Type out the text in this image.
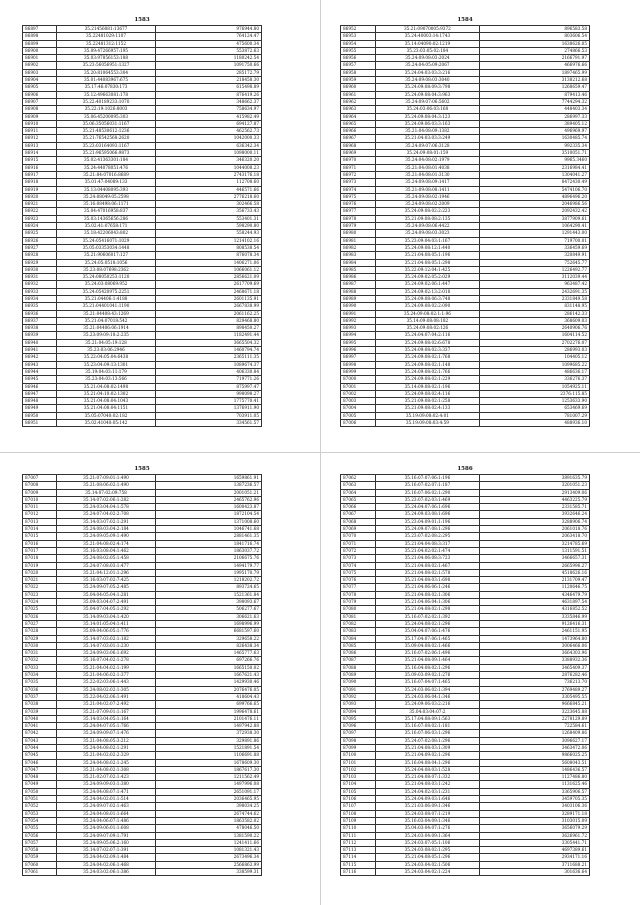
1583
86897	35.21456081:13677	976944.80
86898	35.22481029:1107	764124.47
86899	35.22481312:1152	475600.34
86900	35.09:47266957:195	553872.63
86901	35.03:97856153:188	1180242.54
86902	35.23:56056951:1327	1091750.66
86903	35.20:81064553:304	285172.79
86904	35.01:44083967:675	218458.30
86905	35.17:46:07830:173	615498.89
86906	35.12:49663081:178	876419.26
86907	35.22:40189233:1070	348662.37
86908	35.22:19:1026:8003	758634.97
86909	35.06:45200095:303	415982.49
86910	35.06:35056031:1167	694127.87
86911	35.21:48530612:1236	462562.73
86912	35.21:76542568:2620	1042000.33
86913	35.23:03164093:1167	636342.34
86914	35.21:96595066:9873	1098000.11
86915	35.02:41363301:184	346320.20
86916	35.24:44078051:476	1044008.23
86917	35.21:84:07016:8689	2743176.18
86918	35.01:47:04089:133	112708.60
86919	35.13:04408095:393	446571.66
86920	35.24:08049:05:2598	2776218.60
86921	35.16:08498:06:1171	302466.58
86922	35.04:47016958:837	356733.43
86923	35.03:14365656:286	553401.31
86924	35.02:41:07658:171	598290.80
86925	35.18:42206043:802	558244.93
86926	35.24:05416071:1029	1214102.16
86927	35.05:03353034:1448	808538.54
86928	35.21:90606017:127	876078.34
86929	35.24:05:0518:1056	1406271.06
86930	35.23:08:07698:2362	1066061.12
86931	35.24:08050253:1120	2856621.09
86932	35.24:03:08069:952	2617709.69
86933	35.24:05420975:2251	2468671.18
86934	35.21:04406:1:4188	2601135.91
86935	35.21:04401041:1190	2667838.99
86936	35.21:04408:43:1269	2061162.25
86937	35.21:04:07018:542	829468.80
86938	35.21:04406:06:1914	898450.27
86939	35.23:09:09:18:2:235	1182491.44
86940	35.21:04:05:19:128	3665504.32
86941	35.23:03:06:2946	1460794.74
86942	35.22:04:05:04:6438	2365111.35
86943	35.23:04:09:13:1301	1089674.37
86944	35.19:04:03:11:179	406330.84
86945	35.23:04:03:13:566	719771.26
86946	35.21:04:08:02:1498	875997.47
86947	35.21:04:10:02:1302	998098.27
86948	35.21:04:08:04:1043	1775770.41
86949	35.21:04:08:04:1151	1376911.90
86950	35.05:07040:02:182	703911.05
86951	35.02:41040:05:142	334561.57
1584
86952	35.21:09070005:9372	896583.58
86953	35.24:40003:14:1743	803606.54
86954	35.14:04090:02:1219	1638626.05
86955	35.23:03:05:02:184	274866.53
86956	35.24:09:08:03:2024	2166791.97
86957	35.24:04:05:09:2067	466976.66
86958	35.24:04:03:03:3:216	1897465.99
86959	35.24:09:08:03:3040	3138212.68
86960	35.24:09:08:09:3:798	1268659.47
86961	35.24:09:08:04:3:963	879413.46
86962	35.24:09:07:06:5602	7744294.32
86963	35.24:03:06:03:168	448403.34
86964	35.24:09:08:04:3:123	286997.33
86965	35.24:09:06:03:3:163	389405.12
86966	35.21:04:08:09:1382	496969.97
86967	35.21:04:03:03:3:249	1630485.74
86968	35.24:09:07:06:3128	992335.34
86969	35.24:09:08:01:159	3510051.71
86970	35.24:04:08:02:1979	9965.3460
86971	35.21:04:08:01:4038	2316984.41
86972	35.21:04:08:01:3130	1304041.27
86973	35.24:09:08:09:1417	8472430.49
86974	35.21:09:08:08:1411	5474106.70
86975	35.24:09:08:02:1946	4896496.20
86976	35.24:09:08:02:2009	2046986.56
86977	35.24:09:08:02:2:223	2092432.42
86978	35.21:09:08:08:2:135	3877909.61
86979	35.24:09:08:06:4422	1064290.41
86980	35.24:09:08:03:3023	1291443.00
86981	35.23:09:04:03:1:167	719700.01
86982	35.24:09:08:12:1:440	336459.69
86983	35.21:04:08:05:1:196	320849.91
86984	35.21:04:08:05:1:298	752645.77
86985	35.22:09:12:04:1:425	1226492.77
86986	35.24:09:02:05:2:029	3112039.44
86987	35.24:09:02:06:1:447	963487.42
86988	35.24:09:02:13:2:018	2432691.35
86989	35.24:09:08:06:3:748	2331849.58
86990	35.24:09:08:02:2:090	831148.95
86991	35.24:09:08:02:1:1:96	286142.33
86992	35.14:09:08:08:182	368609.03
86993	35.24:09:08:02:126	2640906.76
86994	35.24:04:07:04:2:116	1604114.52
86995	35.24:09:08:02:6:678	2702276.07
86996	35.24:09:08:02:3:337	286993.03
86997	35.24:09:08:02:1:768	104405.12
86998	35.24:09:08:02:1:148	1099685.22
86999	35.24:09:08:02:1:766	486636.17
87000	35.24:09:08:02:1:229	336276.37
87001	35.14:09:08:02:1:196	1054925.11
87002	35.24:09:08:02:4:116	2376:115.85
87003	35.21:09:08:02:1:258	1253633.90
87004	35.21:09:08:02:4:133	653469.69
87005	35.19:09:08:02:4:01	781007.29
87006	35.19:09:08:03:4:59	488936.10
1585
87007	35.21:07:09:01:1:490	1659861.91
87008	35.21:08:06:02:1:490	1387236.57
87009	35.14:07:02:09:758	2001051.21
87010	35.14:07:02:06:1:282	2465762.96
87011	35.24:03:04:04:1:578	1600423.87
87012	35.24:07:04:02:2:708	1872104.54
87013	35.14:03:07:02:1:291	1371008.60
87014	35.24:08:03:04:2:184	1046741.68
87015	35.24:09:05:09:1:490	2881461.35
87016	35.21:04:08:02:4:174	1841716.74
87017	35.16:03:08:04:1:462	1863037.72
87018	35.24:08:02:05:1:458	2106675.76
87019	35.24:07:08:03:1:477	1494179.77
87020	35.21:04:12:01:1:296	1995170.79
87021	35.16:03:07:02:7:425	1218202.72
87022	35.24:09:07:05:2:485	893724.65
87023	35.04:04:05:04:1:281	1521361.84
87024	35.09:03:04:07:2:491	398093.67
87025	35.04:07:04:05:1:292	506277.67
87026	35.14:09:03:04:1:420	306621.63
87027	35.14:01:05:04:1:411	1698996.99
87028	35.09:04:06:05:1:776	6681597.60
87029	35.14:07:03:02:1:182	329658.22
87030	35.14:07:03:01:1:230	826438.34
87031	35.24:09:03:06:1:692	1465777.63
87032	35.16:07:04:02:1:278	697266.76
87033	35.21:04:04:02:1:199	1665150.02
87034	35.21:04:06:02:1:377	1667621.43
87035	35.22:02:03:06:1:443	1429930.46
87036	35.24:08:02:02:1:305	2076476.05
87037	35.22:04:02:06:1:491	418604.43
87038	35.21:04:02:07:2:492	699766.65
87039	35.21:07:09:01:1:167	1996478.61
87040	35.14:03:04:05:1:164	2101476.11
87041	35.24:04:07:05:1:766	1497942.88
87042	35.24:09:09:07:1:476	372938.30
87043	35.21:04:08:05:3:212	329891.86
87044	35.24:04:08:02:1:291	1521891.54
87045	35.21:04:02:02:2:329	1106691.88
87046	35.24:04:08:02:1:245	1678609.30
87047	35.21:04:08:02:1:308	1867617.30
87048	35.21:02:07:02:1:423	1211562.49
87049	35.24:09:09:03:1:380	1497996.08
87050	35.24:04:08:07:1:471	2651091.17
87051	35.24:04:02:01:1:514	2036465.95
87052	35.24:09:07:02:1:463	398034.25
87053	35.24:04:08:01:1:664	2674744.62
87054	35.24:04:06:07:1:486	1863582.02
87055	35.24:09:06:01:1:608	478046.50
87056	35.24:09:07:09:1:791	1381590.22
87057	35.24:09:05:06:2:160	1241411.66
87058	35.14:07:02:07:1:391	1081321.43
87059	35.24:04:02:09:1:484	2673496.34
87060	35.24:04:02:06:1:468	2566863.99
87061	35.24:03:02:06:1:386	338599.31
1586
87062	35.16:07:07:06:1:196	3891635.79
87063	35.16:07:02:07:1:187	3201051.23
87064	35.16:07:06:02:1:290	2913409.06
87065	35.23:07:02:03:1:469	4463225.79
87066	35.24:04:07:06:1:696	2331585.71
87067	35.24:09:03:08:1:696	3932646.24
87068	35.23:04:09:01:1:196	3288906.74
87069	35.24:09:07:08:1:296	2061018.76
87070	35.23:07:02:08:2:295	2063418.70
87071	35.21:04:04:08:3:317	3214785.69
87072	35.21:04:02:02:1:474	1311591.51
87073	35.21:04:06:08:3:723	3466657.31
87074	35.21:04:08:02:1:467	2665996.27
87075	35.21:04:08:02:1:578	4518626.16
87076	35.21:04:08:03:1:698	2131709.47
87077	35.21:04:06:06:1:246	1120646.75
87078	35.21:04:08:02:1:306	4346479.79
87079	35.21:04:06:04:1:306	4631897.54
87080	35.21:04:08:02:1:298	4316852.52
87081	35.16:07:02:02:1:392	3335846.99
87082	35.24:04:08:02:1:296	9126416.31
87083	35.04:04:07:06:1:476	2461151.95
87084	35.17:04:07:06:1:465	1473964.80
87085	35.09:04:08:02:1:466	3006466.06
87086	35.16:07:02:06:1:496	3664303.96
87087	35.21:04:08:09:1:464	3388932.36
87088	35.16:04:08:02:1:296	3465409.37
87089	35.09:03:09:02:1:276	2876282.46
87090	35.16:07:04:07:1:465	736213.70
87091	35.24:03:06:02:1:394	2769489.27
87092	35.24:03:06:04:1:346	3305495.55
87093	35.24:09:06:03:2:216	9666845.21
87094	35.04:03:04:07:2	3223645.88
87095	35.17:04:08:09:1:563	2278129.89
87096	35.16:07:08:02:1:181	722584.61
87097	35.16:07:06:03:1:296	1268409.86
87098	35.24:07:02:08:1:296	3096627.17
87099	35.21:04:08:03:1:309	3463472.06
87100	35.21:04:09:02:1:296	9866025.25
87101	35.16:04:08:04:1:296	5608043.51
87102	35.24:04:08:03:1:528	1486436.57
87103	35.21:04:08:07:1:332	1127486.80
87104	35.21:04:08:03:1:242	1131625.46
87105	35.24:04:02:03:1:231	3365906.57
87106	35.24:04:09:03:1:646	3459705.35
87107	35.21:03:06:09:1:346	3403106.36
87108	35.24:03:08:07:1:219	3289171.18
87109	35.16:03:04:09:1:346	3103015.09
87110	35.04:03:04:07:1:276	3656079.29
87111	35.24:03:04:09:1:364	3626961.72
87112	35.24:03:07:05:1:106	3305441.71
87113	35.24:03:08:02:1:295	4697389.61
87114	35.21:04:08:05:1:296	2934171.16
87115	35.24:03:04:02:1:506	3711688.21
87116	35.24:03:04:02:1:224	301636.64
